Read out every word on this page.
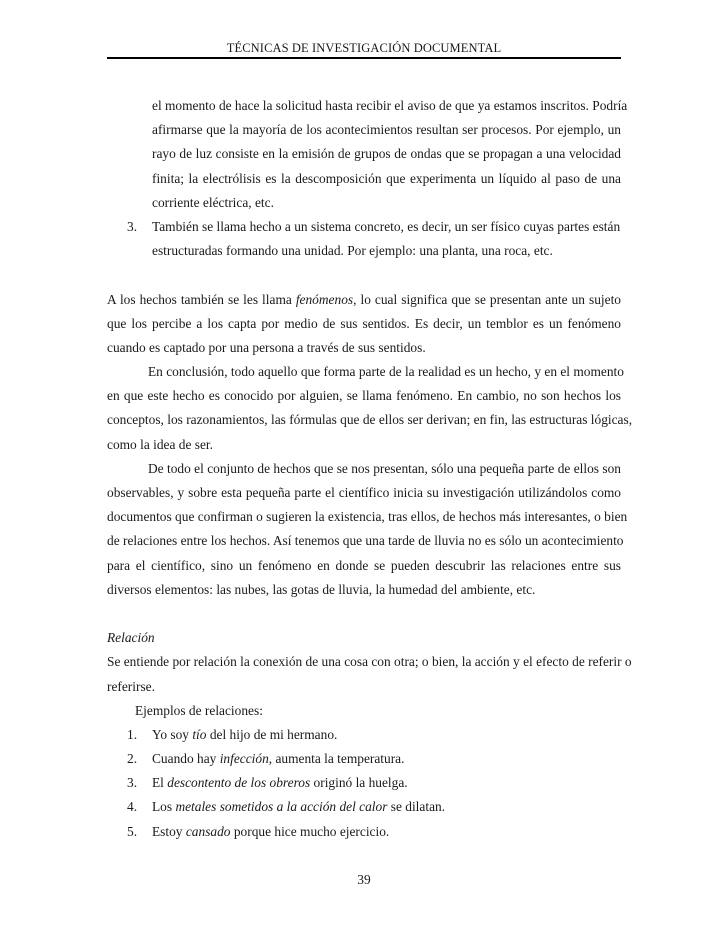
TÉCNICAS DE INVESTIGACIÓN DOCUMENTAL
el momento de hace la solicitud hasta recibir el aviso de que ya estamos inscritos. Podría
afirmarse que la mayoría de los acontecimientos resultan ser procesos. Por ejemplo, un
rayo de luz consiste en la emisión de grupos de ondas que se propagan a una velocidad
finita; la electrólisis es la descomposición que experimenta un líquido al paso de una
corriente eléctrica, etc.
3. También se llama hecho a un sistema concreto, es decir, un ser físico cuyas partes están
estructuradas formando una unidad. Por ejemplo: una planta, una roca, etc.
A los hechos también se les llama fenómenos, lo cual significa que se presentan ante un sujeto
que los percibe a los capta por medio de sus sentidos. Es decir, un temblor es un fenómeno
cuando es captado por una persona a través de sus sentidos.
En conclusión, todo aquello que forma parte de la realidad es un hecho, y en el momento
en que este hecho es conocido por alguien, se llama fenómeno. En cambio, no son hechos los
conceptos, los razonamientos, las fórmulas que de ellos ser derivan; en fin, las estructuras lógicas,
como la idea de ser.
De todo el conjunto de hechos que se nos presentan, sólo una pequeña parte de ellos son
observables, y sobre esta pequeña parte el científico inicia su investigación utilizándolos como
documentos que confirman o sugieren la existencia, tras ellos, de hechos más interesantes, o bien
de relaciones entre los hechos. Así tenemos que una tarde de lluvia no es sólo un acontecimiento
para el científico, sino un fenómeno en donde se pueden descubrir las relaciones entre sus
diversos elementos: las nubes, las gotas de lluvia, la humedad del ambiente, etc.
Relación
Se entiende por relación la conexión de una cosa con otra; o bien, la acción y el efecto de referir o
referirse.
Ejemplos de relaciones:
1. Yo soy tío del hijo de mi hermano.
2. Cuando hay infección, aumenta la temperatura.
3. El descontento de los obreros originó la huelga.
4. Los metales sometidos a la acción del calor se dilatan.
5. Estoy cansado porque hice mucho ejercicio.
39
